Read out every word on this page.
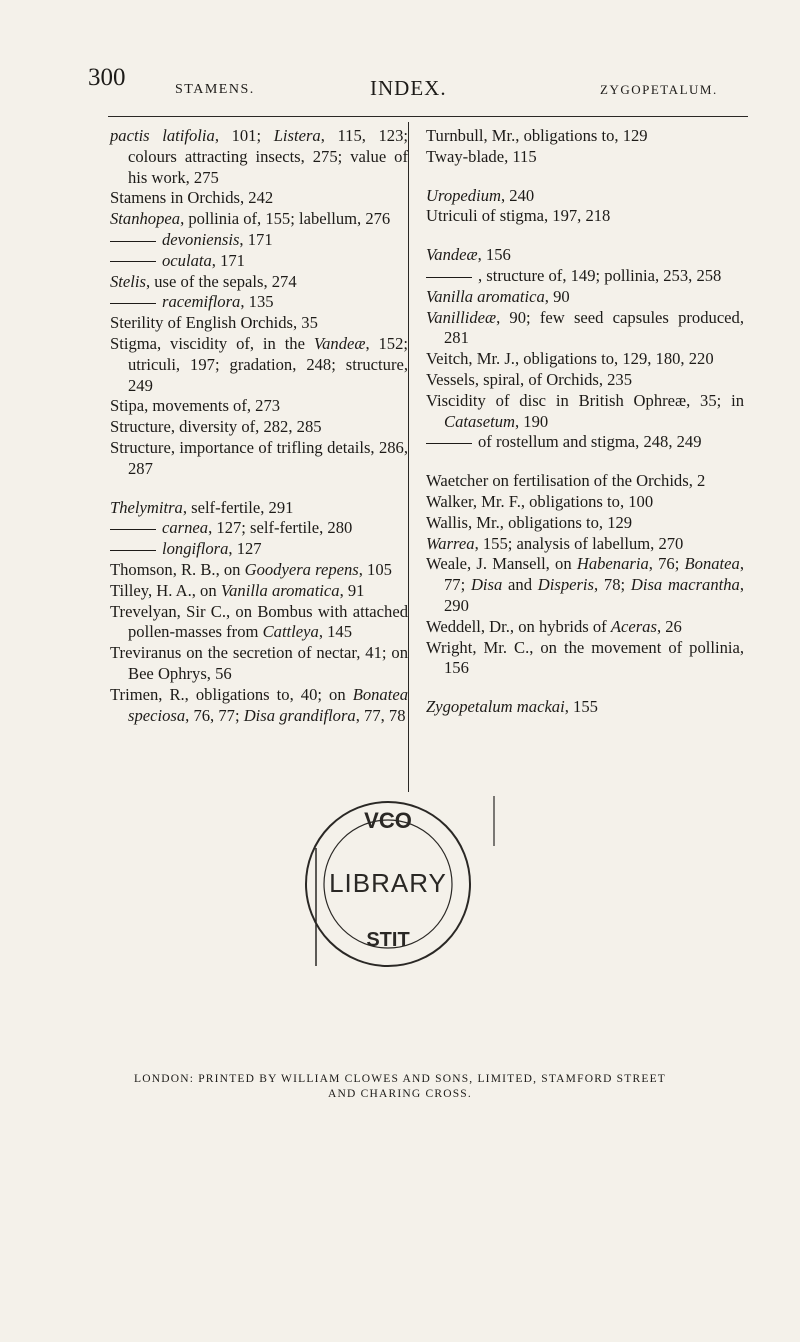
300	STAMENS.	INDEX.	ZYGOPETALUM.
pactis latifolia, 101; Listera, 115, 123; colours attracting insects, 275; value of his work, 275
Stamens in Orchids, 242
Stanhopea, pollinia of, 155; labellum, 276
devoniensis, 171
oculata, 171
Stelis, use of the sepals, 274
racemiflora, 135
Sterility of English Orchids, 35
Stigma, viscidity of, in the Vandeæ, 152; utriculi, 197; gradation, 248; structure, 249
Stipa, movements of, 273
Structure, diversity of, 282, 285
Structure, importance of trifling details, 286, 287
Thelymitra, self-fertile, 291
carnea, 127; self-fertile, 280
longiflora, 127
Thomson, R. B., on Goodyera repens, 105
Tilley, H. A., on Vanilla aromatica, 91
Trevelyan, Sir C., on Bombus with attached pollen-masses from Cattleya, 145
Treviranus on the secretion of nectar, 41; on Bee Ophrys, 56
Trimen, R., obligations to, 40; on Bonatea speciosa, 76, 77; Disa grandiflora, 77, 78
Turnbull, Mr., obligations to, 129
Tway-blade, 115
Uropedium, 240
Utriculi of stigma, 197, 218
Vandeæ, 156
, structure of, 149; pollinia, 253, 258
Vanilla aromatica, 90
Vanillideæ, 90; few seed capsules produced, 281
Veitch, Mr. J., obligations to, 129, 180, 220
Vessels, spiral, of Orchids, 235
Viscidity of disc in British Ophreæ, 35; in Catasetum, 190
of rostellum and stigma, 248, 249
Waetcher on fertilisation of the Orchids, 2
Walker, Mr. F., obligations to, 100
Wallis, Mr., obligations to, 129
Warrea, 155; analysis of labellum, 270
Weale, J. Mansell, on Habenaria, 76; Bonatea, 77; Disa and Disperis, 78; Disa macrantha, 290
Weddell, Dr., on hybrids of Aceras, 26
Wright, Mr. C., on the movement of pollinia, 156
Zygopetalum mackai, 155
VCO
LIBRARY
STIT
LONDON: PRINTED BY WILLIAM CLOWES AND SONS, LIMITED, STAMFORD STREET
AND CHARING CROSS.
